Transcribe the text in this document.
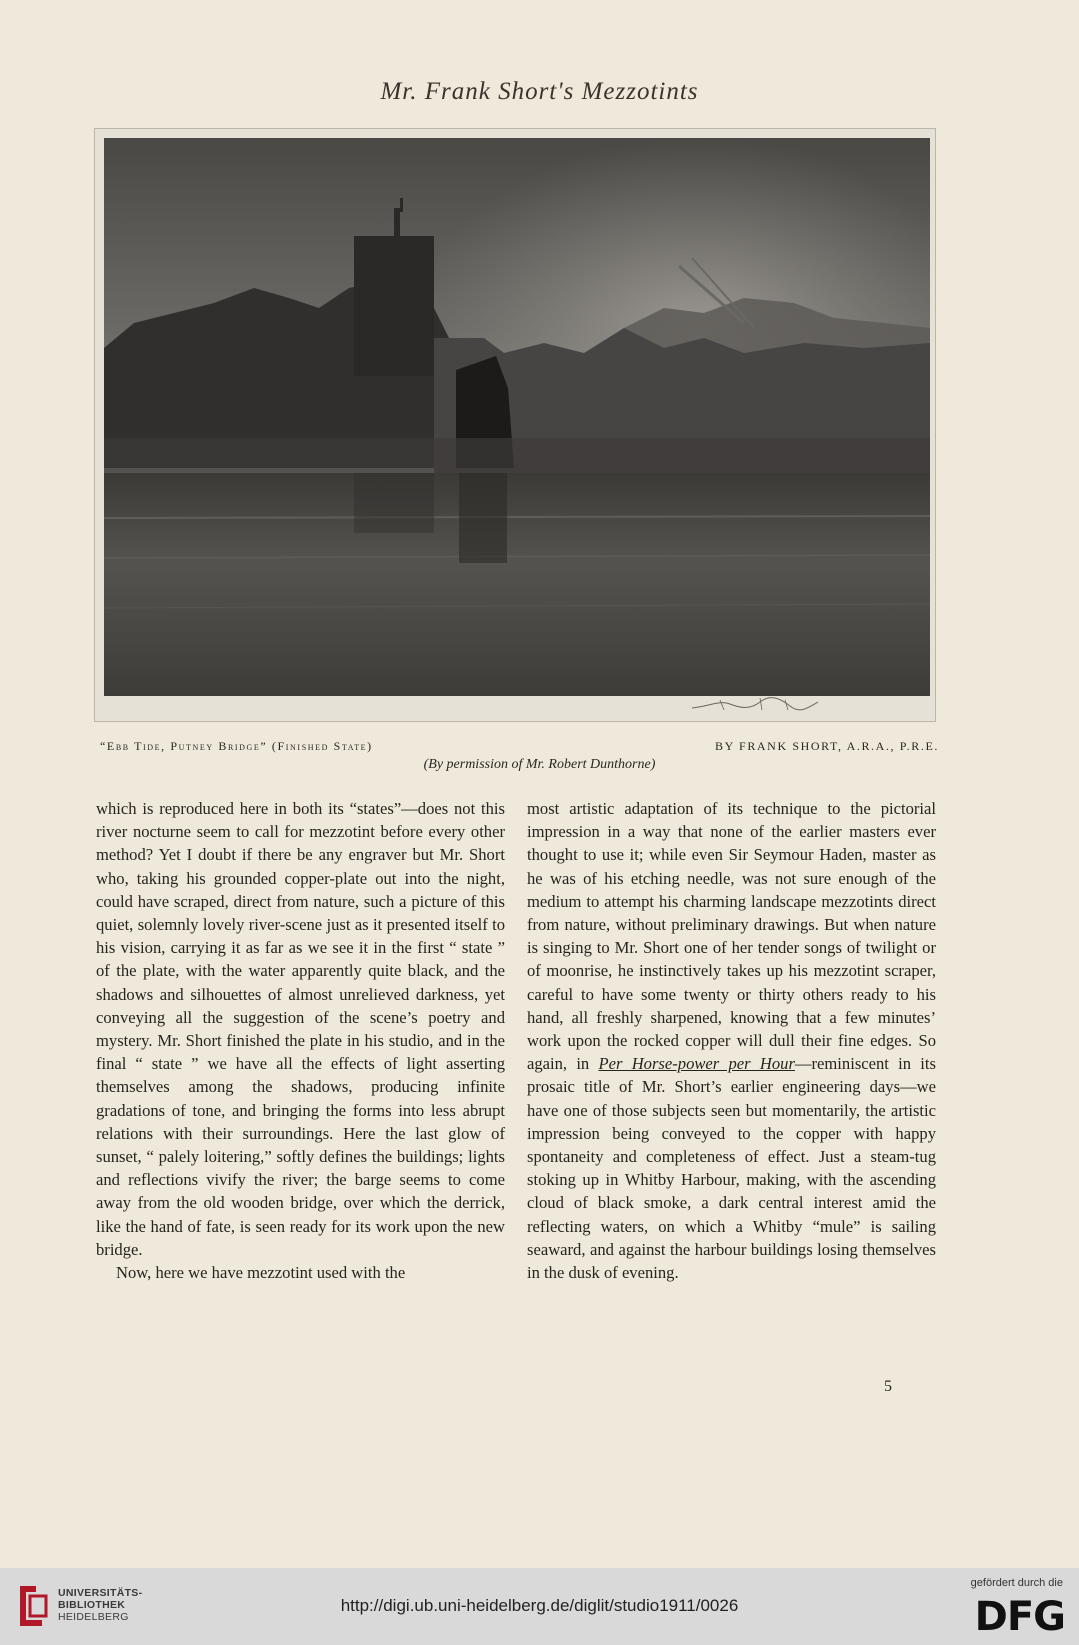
Mr. Frank Short's Mezzotints
“Ebb Tide, Putney Bridge” (Finished State)	BY FRANK SHORT, A.R.A., P.R.E.
(By permission of Mr. Robert Dunthorne)

which is reproduced here in both its “states”—does not this river nocturne seem to call for mezzotint before every other method? Yet I doubt if there be any engraver but Mr. Short who, taking his grounded copper-plate out into the night, could have scraped, direct from nature, such a picture of this quiet, solemnly lovely river-scene just as it presented itself to his vision, carrying it as far as we see it in the first “ state ” of the plate, with the water apparently quite black, and the shadows and silhouettes of almost unrelieved darkness, yet conveying all the suggestion of the scene’s poetry and mystery. Mr. Short finished the plate in his studio, and in the final “ state ” we have all the effects of light asserting themselves among the shadows, producing infinite gradations of tone, and bringing the forms into less abrupt relations with their surroundings. Here the last glow of sunset, “ palely loitering,” softly defines the buildings; lights and reflections vivify the river; the barge seems to come away from the old wooden bridge, over which the derrick, like the hand of fate, is seen ready for its work upon the new bridge.

Now, here we have mezzotint used with the

most artistic adaptation of its technique to the pictorial impression in a way that none of the earlier masters ever thought to use it; while even Sir Seymour Haden, master as he was of his etching needle, was not sure enough of the medium to attempt his charming landscape mezzotints direct from nature, without preliminary drawings. But when nature is singing to Mr. Short one of her tender songs of twilight or of moonrise, he instinctively takes up his mezzotint scraper, careful to have some twenty or thirty others ready to his hand, all freshly sharpened, knowing that a few minutes’ work upon the rocked copper will dull their fine edges. So again, in Per Horse-power per Hour—reminiscent in its prosaic title of Mr. Short’s earlier engineering days—we have one of those subjects seen but momentarily, the artistic impression being conveyed to the copper with happy spontaneity and completeness of effect. Just a steam-tug stoking up in Whitby Harbour, making, with the ascending cloud of black smoke, a dark central interest amid the reflecting waters, on which a Whitby “mule” is sailing seaward, and against the harbour buildings losing themselves in the dusk of evening.

5
UNIVERSITÄTS-
BIBLIOTHEK
HEIDELBERG
http://digi.ub.uni-heidelberg.de/diglit/studio1911/0026
gefördert durch die
DFG
